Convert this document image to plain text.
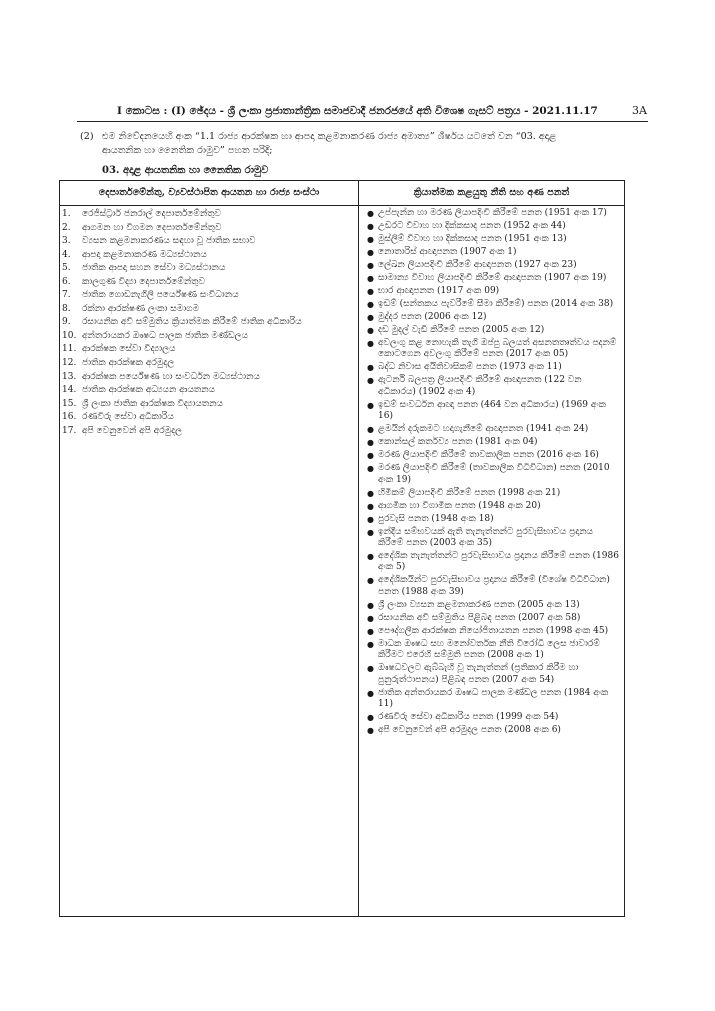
I කොටස : (I) ඡේදය - ශ්‍රී ලංකා ප්‍රජාතාන්ත්‍රික සමාජවාදී ජනරජයේ අති විශෙෂ ගැසට් පත්‍රය - 2021.11.17	3A
(2) එම නිවේදනයෙහි අංක “1.1 රාජ්‍ය ආරක්ෂක හා ආපදා කළමනාකරණ රාජ්‍ය අමාත්‍ය” ශීර්ෂය යටතේ වන “03. අදාළ
ආයතනික හා නෛතික රාමුව” පහත පරිදි;
03. අදාළ ආයතනික හා නෛතික රාමුව
දෙපාර්තමේන්තු, ව්‍යවස්ථාපිත ආයතන හා රාජ්‍ය සංස්ථා	ක්‍රියාත්මක කළයුතු නීති සහ අණ පනත්
1.	රෙජිස්ට්‍රාර් ජනරාල් දෙපාර්තමේන්තුව
2.	ආගමන හා විගමන දෙපාර්තමේන්තුව
3.	ව්‍යසන කළමනාකරණය සඳහා වූ ජාතික සභාව
4.	ආපදා කළමනාකරණ මධ්‍යස්ථානය
5.	ජාතික ආපදා සහන සේවා මධ්‍යස්ථානය
6.	කාලගුණ විද්‍යා දෙපාර්තමේන්තුව
7.	ජාතික ගොඩනැගිලි පර්යේෂණ සංවිධානය
8.	රක්නා ආරක්ෂණ ලංකා සමාගම
9.	රසායනික අවි සම්මුතිය ක්‍රියාත්මක කිරීමේ ජාතික අධිකාරිය
10. අන්තරායකර ඖෂධ පාලක ජාතික මණ්ඩලය
11. ආරක්ෂක සේවා විද්‍යාලය
12. ජාතික ආරක්ෂක අරමුදල
13. ආරක්ෂක පර්යේෂණ හා සංවර්ධන මධ්‍යස්ථානය
14. ජාතික ආරක්ෂක අධ්‍යයන ආයතනය
15. ශ්‍රී ලංකා ජාතික ආරක්ෂක විද්‍යායතනය
16. රණවිරු සේවා අධිකාරිය
17. අපි වෙනුවෙන් අපි අරමුදල
● උප්පැන්න හා මරණ ලියාපදිංචි කිරීමේ පනත (1951 අංක 17)
● උඩරට විවාහ හා දික්කසාද පනත (1952 අංක 44)
● මුස්ලිම් විවාහ හා දික්කසාද පනත (1951 අංක 13)
● නොතාරිස් ආඥාපනත (1907 අංක 1)
● ලේඛන ලියාපදිංචි කිරීමේ ආඥාපනත (1927 අංක 23)
● සාමාන්‍ය විවාහ ලියාපදිංචි කිරීමේ ආඥාපනත (1907 අංක 19)
● භාර ආඥාපනත (1917 අංක 09)
● ඉඩම් (සන්තකය පැවරීමේ සීමා කිරීමේ) පනත (2014 අංක 38)
● මුද්දර පනත (2006 අංක 12)
● දඩ මුදල් වැඩි කිරීමේ පනත (2005 අංක 12)
● අවලංගු කළ නොහැකි තැගි ඔප්පු බලයත් අසනතතෘත්වය පදනම් කොටගෙන අවලංගු කිරීමේ පනත (2017 අංක 05)
● බද්ධ නිවාස අයිතිවාසිකම් පනත (1973 අංක 11)
● ඇටර්නි බලපත්‍ර ලියාපදිංචි කිරීමේ ආඥාපනත (122 වන අධිකාරය) (1902 අංක 4)
● ඉඩම් සංවර්ධන ආඥා පනත (464 වන අධිකාරය) (1969 අංක 16)
● ළමයින් දරුකමට හදාගැනීමේ ආඥාපනත (1941 අංක 24)
● කොන්සල් කර්තව්‍ය පනත (1981 අංක 04)
● මරණ ලියාපදිංචි කිරීමේ තාවකාලික පනත (2016 අංක 16)
● මරණ ලියාපදිංචි කිරීමේ (තාවකාලික විධිවිධාන) පනත (2010 අංක 19)
● හිමිකම් ලියාපදිංචි කිරීමේ පනත (1998 අංක 21)
● ආගමික හා විගාමික පනත (1948 අංක 20)
● පුරවැසි පනත (1948 අංක 18)
● ඉන්දීය සම්භවයක් ඇති තැනැත්තන්ට පුරවැසිභාවය ප්‍රදානය කිරීමේ පනත (2003 අංක 35)
● අදේශික තැනැත්තන්ට පුරවැසිභාවය ප්‍රදානය කිරීමේ පනත (1986 අංක 5)
● අදේශිකයින්ට පුරවැසිභාවය ප්‍රදානය කිරීමේ (විශේෂ විධිවිධාන) පනත (1988 අංක 39)
● ශ්‍රී ලංකා ව්‍යසන කළමනාකරණ පනත (2005 අංක 13)
● රසායනික අවි සම්මුතිය පිළිබඳ පනත (2007 අංක 58)
● පෞද්ගලික ආරක්ෂක නියෝජිතායතන පනත (1998 අංක 45)
● මාධක ඖෂධ සහ මනෝවර්තක නීති විරෝධී ලෙස ජාවාරම් කිරීමට එරෙහි සම්මුති පනත (2008 අංක 1)
● ඖෂධවලට ඇබ්බැහි වූ තැනැත්තන් (ප්‍රතිකාර කිරීම හා පුනුරුත්ථාපනය) පිළිබඳ පනත (2007 අංක 54)
● ජාතික අන්තරායකර ඖෂධ පාලක මණ්ඩල පනත (1984 අංක 11)
● රණවිරු සේවා අධිකාරිය පනත (1999 අංක 54)
● අපි වෙනුවෙන් අපි අරමුදල පනත (2008 අංක 6)
